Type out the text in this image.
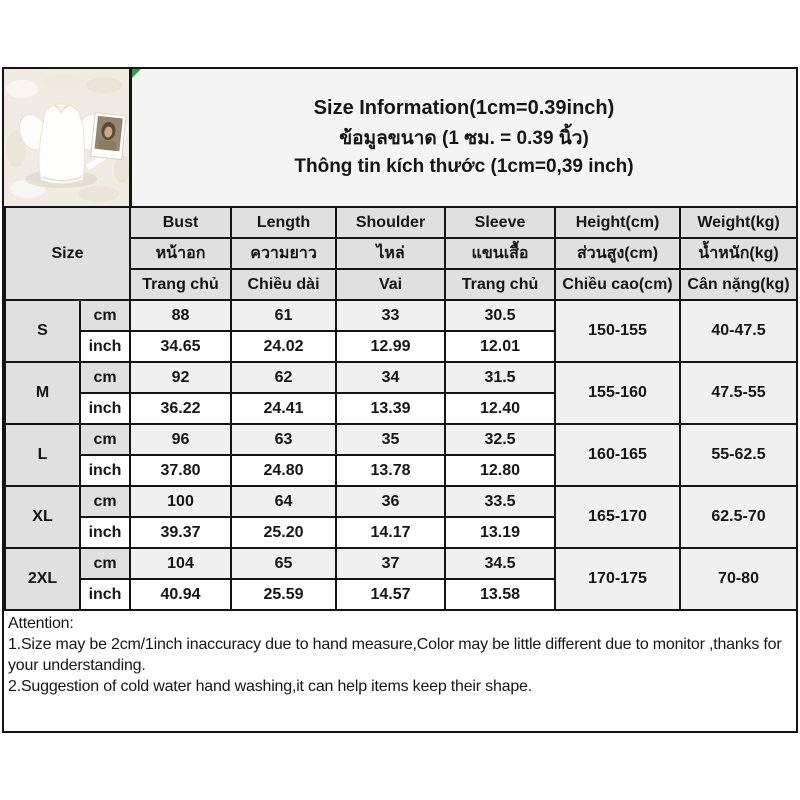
Size Information(1cm=0.39inch)
ข้อมูลขนาด (1 ซม. = 0.39 นิ้ว)
Thông tin kích thước (1cm=0,39 inch)
Size		Bust	Length	Shoulder	Sleeve	Height(cm)	Weight(kg)
		หน้าอก	ความยาว	ไหล่	แขนเสื้อ	ส่วนสูง(cm)	น้ำหนัก(kg)
		Trang chủ	Chiều dài	Vai	Trang chủ	Chiều cao(cm)	Cân nặng(kg)
S	cm	88	61	33	30.5	150-155	40-47.5
	inch	34.65	24.02	12.99	12.01		
M	cm	92	62	34	31.5	155-160	47.5-55
	inch	36.22	24.41	13.39	12.40		
L	cm	96	63	35	32.5	160-165	55-62.5
	inch	37.80	24.80	13.78	12.80		
XL	cm	100	64	36	33.5	165-170	62.5-70
	inch	39.37	25.20	14.17	13.19		
2XL	cm	104	65	37	34.5	170-175	70-80
	inch	40.94	25.59	14.57	13.58		

Attention:

1.Size may be 2cm/1inch inaccuracy due to hand measure,Color may be little different due to monitor ,thanks for your understanding.

2.Suggestion of cold water hand washing,it can help items keep their shape.
